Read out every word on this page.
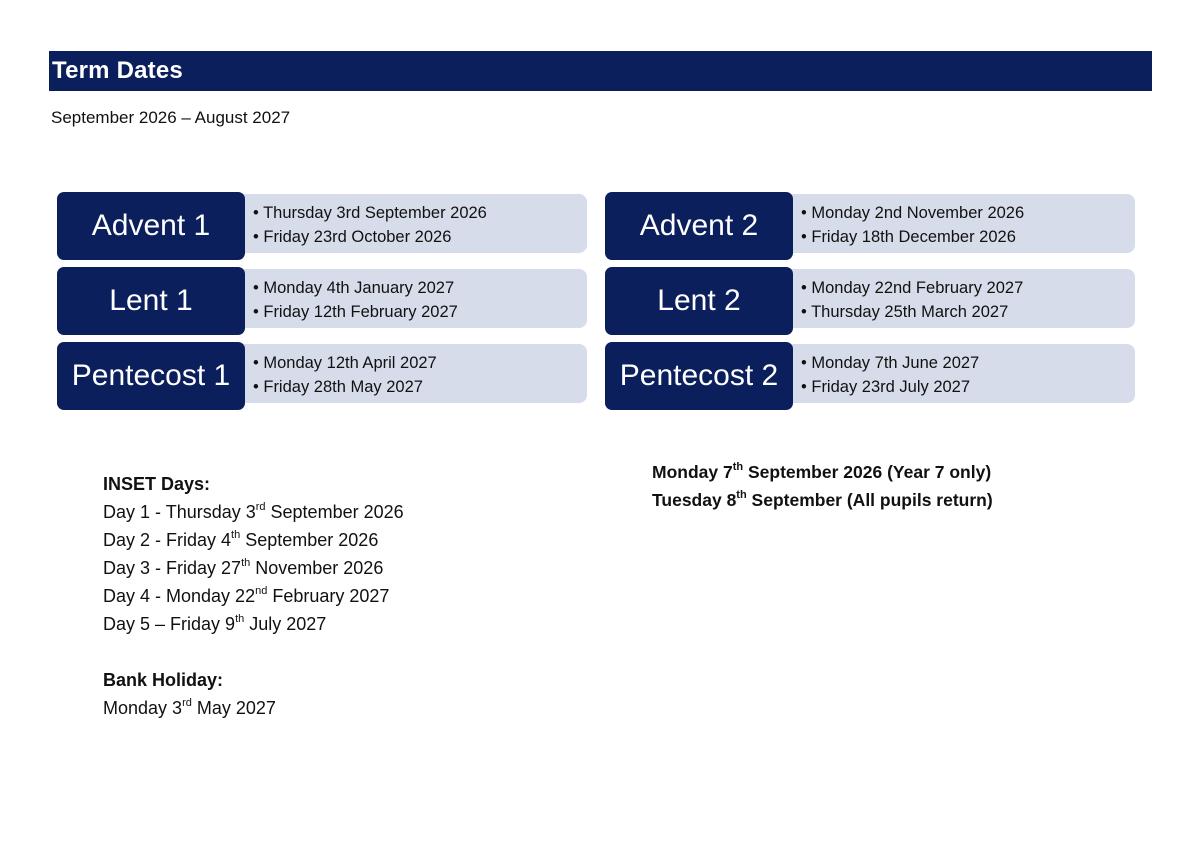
Term Dates
September 2026 – August 2027
Advent 1	• Thursday 3rd September 2026
• Friday 23rd October 2026
Lent 1	• Monday 4th January 2027
• Friday 12th February 2027
Pentecost 1	• Monday 12th April 2027
• Friday 28th May 2027
Advent 2	• Monday 2nd November 2026
• Friday 18th December 2026
Lent 2	• Monday 22nd February 2027
• Thursday 25th March 2027
Pentecost 2	• Monday 7th June 2027
• Friday 23rd July 2027
INSET Days:
Day 1 - Thursday 3rd September 2026
Day 2 - Friday 4th September 2026
Day 3 - Friday 27th November 2026
Day 4 - Monday 22nd February 2027
Day 5 – Friday 9th July 2027
Bank Holiday:
Monday 3rd May 2027
Monday 7th September 2026 (Year 7 only)
Tuesday 8th September (All pupils return)
